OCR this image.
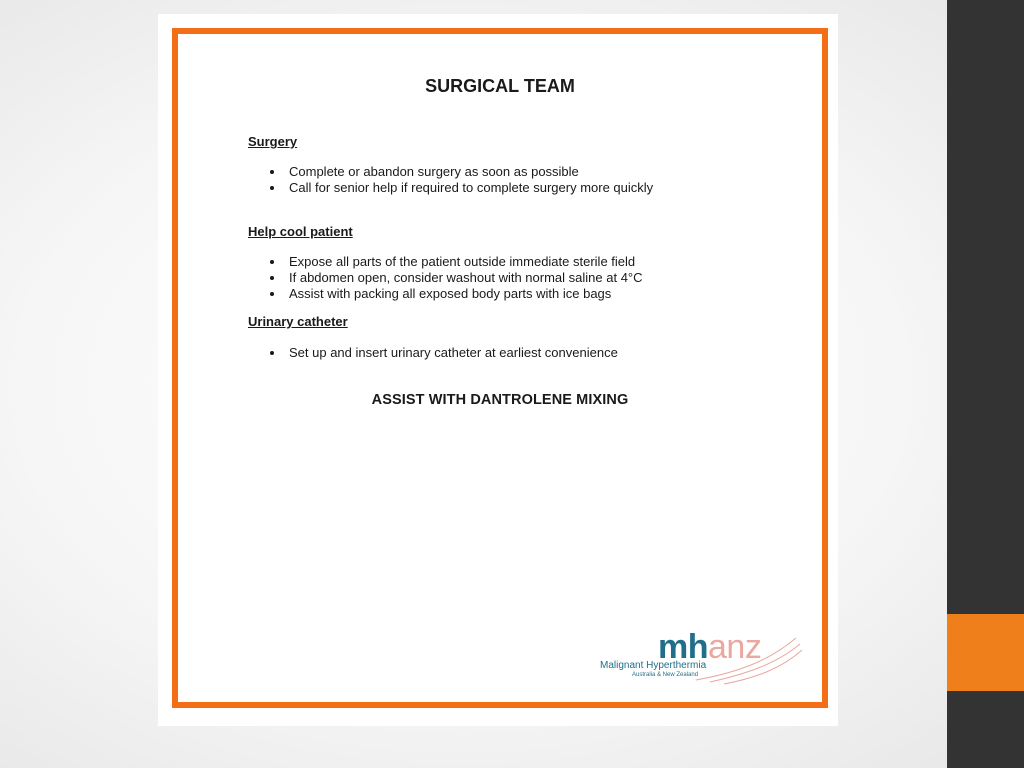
SURGICAL TEAM
Surgery
Complete or abandon surgery as soon as possible
Call for senior help if required to complete surgery more quickly
Help cool patient
Expose all parts of the patient outside immediate sterile field
If abdomen open, consider washout with normal saline at 4°C
Assist with packing all exposed body parts with ice bags
Urinary catheter
Set up and insert urinary catheter at earliest convenience

ASSIST WITH DANTROLENE MIXING

mhanz
Malignant Hyperthermia
Australia & New Zealand
